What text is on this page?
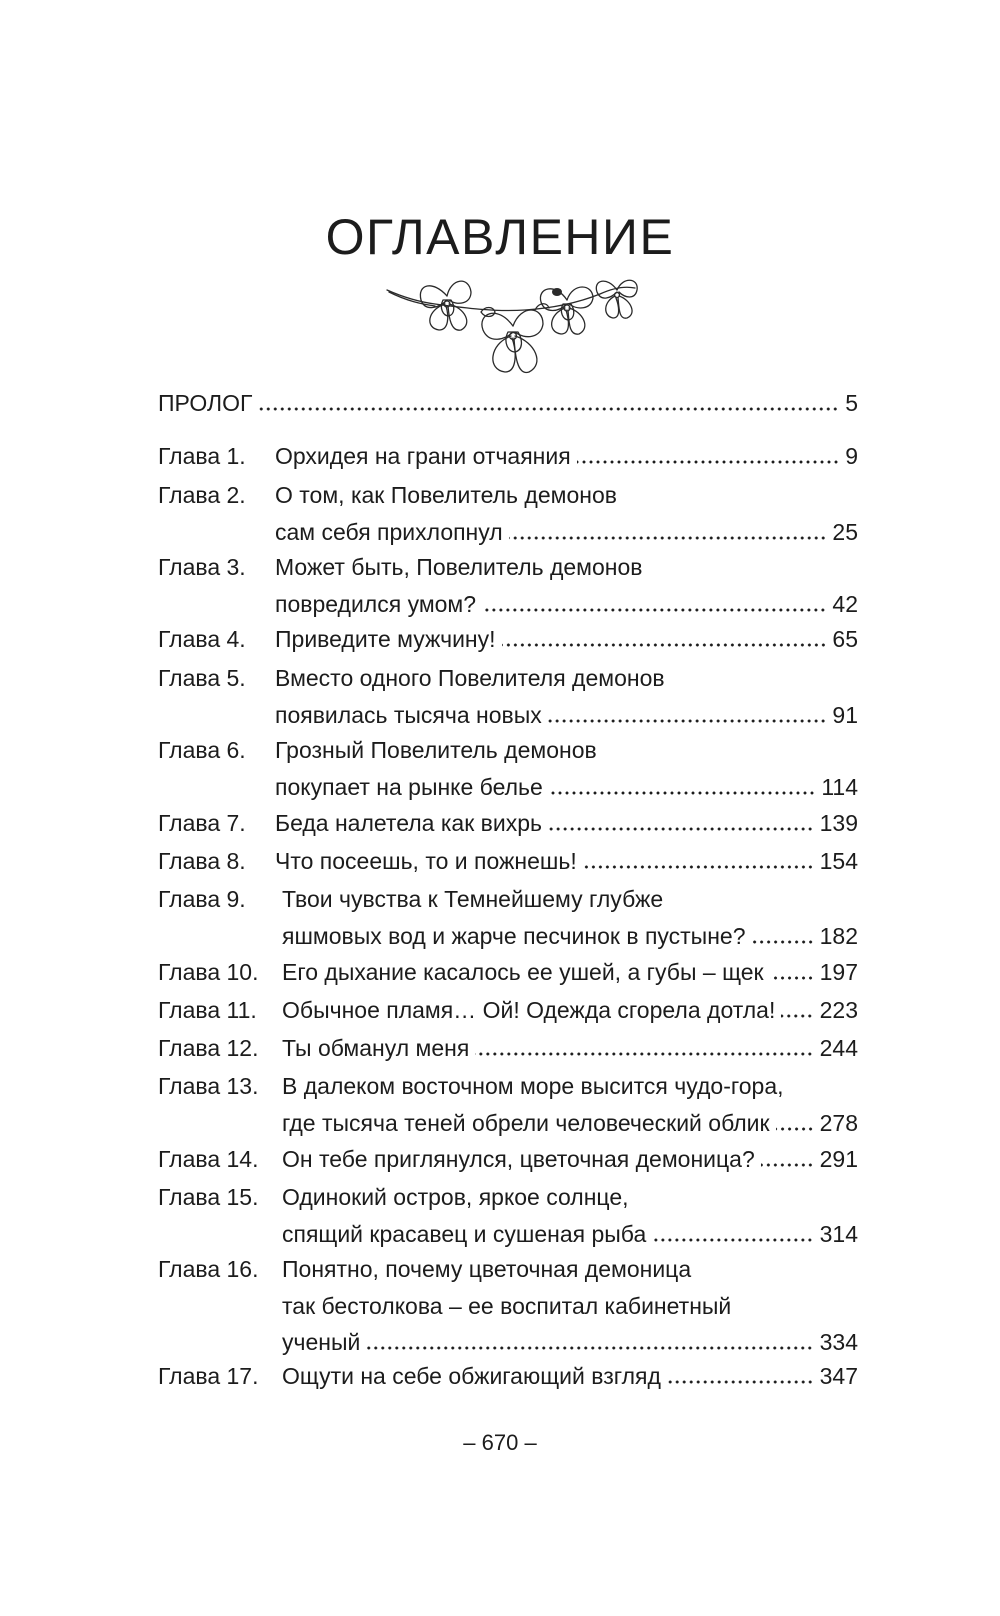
ОГЛАВЛЕНИЕ
ПРОЛОГ	5
Глава 1. Орхидея на грани отчаяния	9
Глава 2. О том, как Повелитель демонов
сам себя прихлопнул	25
Глава 3. Может быть, Повелитель демонов
повредился умом?	42
Глава 4. Приведите мужчину!	65
Глава 5. Вместо одного Повелителя демонов
появилась тысяча новых	91
Глава 6. Грозный Повелитель демонов
покупает на рынке белье	114
Глава 7. Беда налетела как вихрь	139
Глава 8. Что посеешь, то и пожнешь!	154
Глава 9. Твои чувства к Темнейшему глубже
яшмовых вод и жарче песчинок в пустыне?	182
Глава 10. Его дыхание касалось ее ушей, а губы – щек 197
Глава 11. Обычное пламя… Ой! Одежда сгорела дотла! 223
Глава 12. Ты обманул меня	244
Глава 13. В далеком восточном море высится чудо-гора,
где тысяча теней обрели человеческий облик 278
Глава 14. Он тебе приглянулся, цветочная демоница?	291
Глава 15. Одинокий остров, яркое солнце,
спящий красавец и сушеная рыба	314
Глава 16. Понятно, почему цветочная демоница
так бестолкова – ее воспитал кабинетный
ученый	334
Глава 17. Ощути на себе обжигающий взгляд	347
– 670 –
